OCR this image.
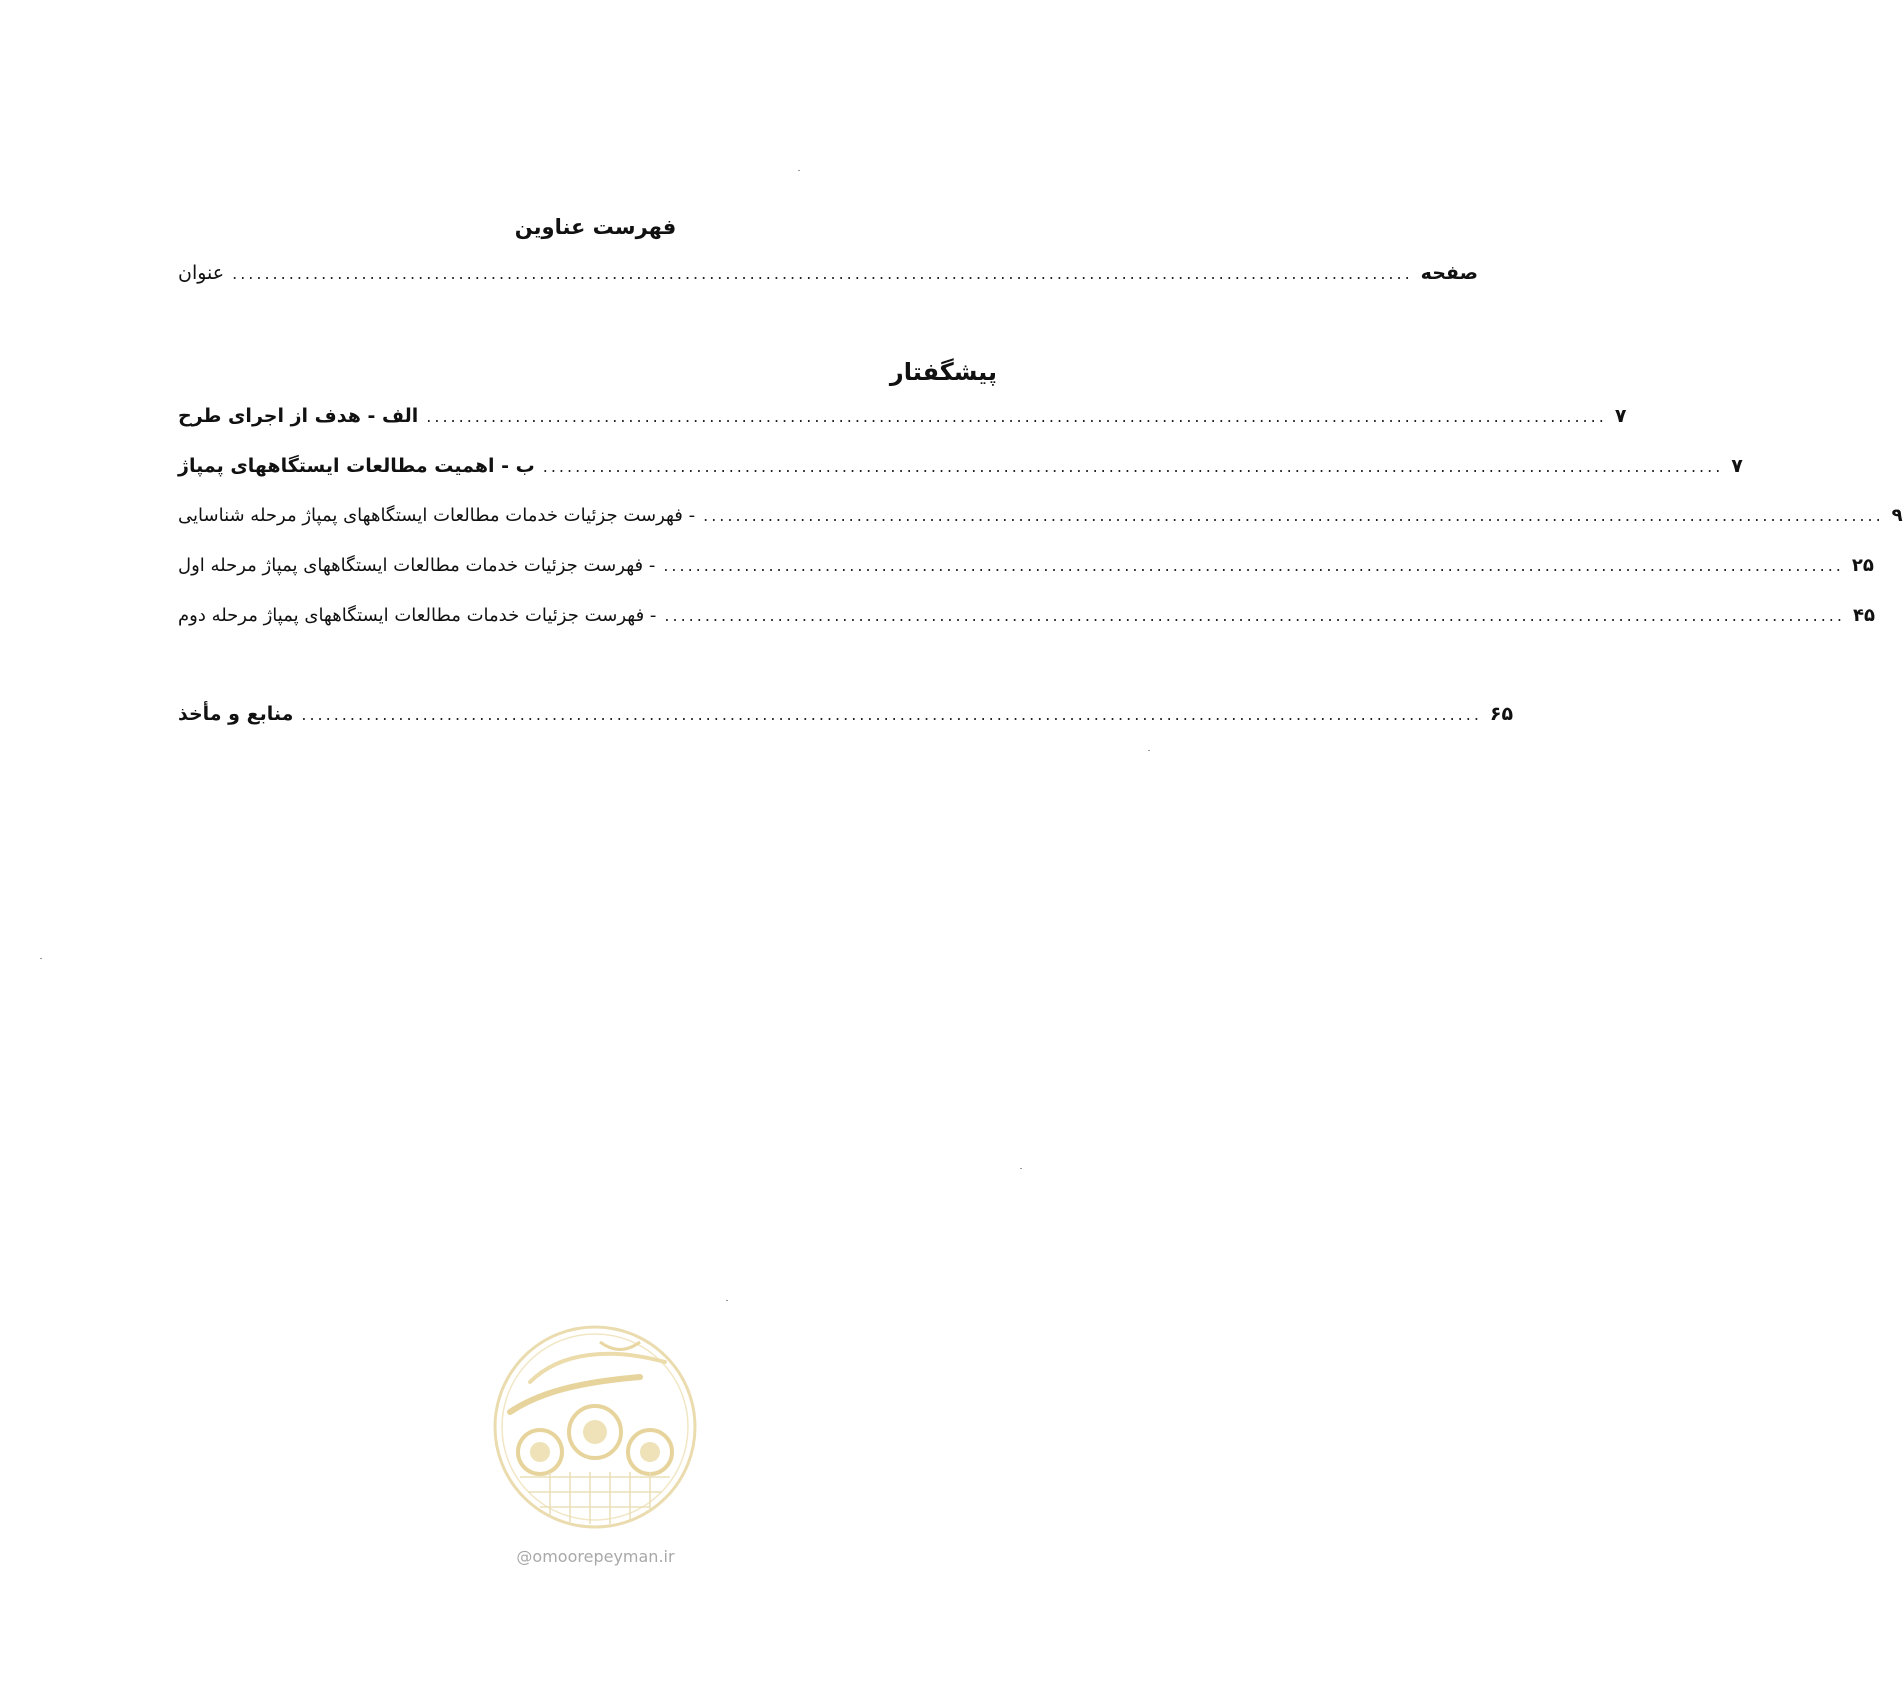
فهرست عناوین
عنوان .................................................................................................................................................. صفحه
پیشگفتار
الف - هدف از اجرای طرح .................................................................................................................................................. ۷
ب - اهمیت مطالعات ایستگاههای پمپاژ .................................................................................................................................................. ۷
- فهرست جزئیات خدمات مطالعات ایستگاههای پمپاژ مرحله شناسایی .................................................................................................................................................. ۹
- فهرست جزئیات خدمات مطالعات ایستگاههای پمپاژ مرحله اول .................................................................................................................................................. ۲۵
- فهرست جزئیات خدمات مطالعات ایستگاههای پمپاژ مرحله دوم .................................................................................................................................................. ۴۵
منابع و مأخذ .................................................................................................................................................. ۶۵
@omoorepeyman.ir
